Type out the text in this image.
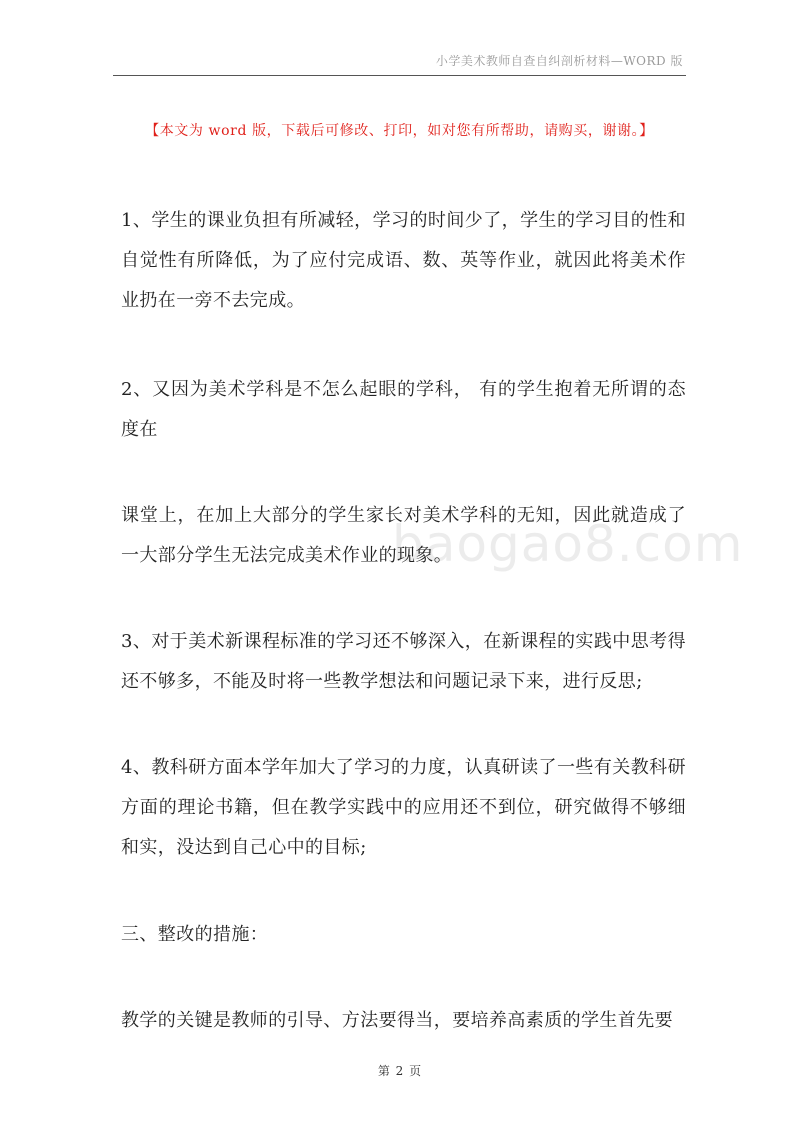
小学美术教师自查自纠剖析材料—WORD 版
【本文为 word 版，下载后可修改、打印，如对您有所帮助，请购买，谢谢。】
baogao8.com
1、学生的课业负担有所减轻，学习的时间少了，学生的学习目的性和自觉性有所降低，为了应付完成语、数、英等作业，就因此将美术作业扔在一旁不去完成。
2、又因为美术学科是不怎么起眼的学科， 有的学生抱着无所谓的态度在
课堂上，在加上大部分的学生家长对美术学科的无知，因此就造成了一大部分学生无法完成美术作业的现象。
3、对于美术新课程标准的学习还不够深入，在新课程的实践中思考得还不够多，不能及时将一些教学想法和问题记录下来，进行反思;
4、教科研方面本学年加大了学习的力度，认真研读了一些有关教科研方面的理论书籍，但在教学实践中的应用还不到位，研究做得不够细和实，没达到自己心中的目标;
三、整改的措施：
教学的关键是教师的引导、方法要得当，要培养高素质的学生首先要
第 2 页
